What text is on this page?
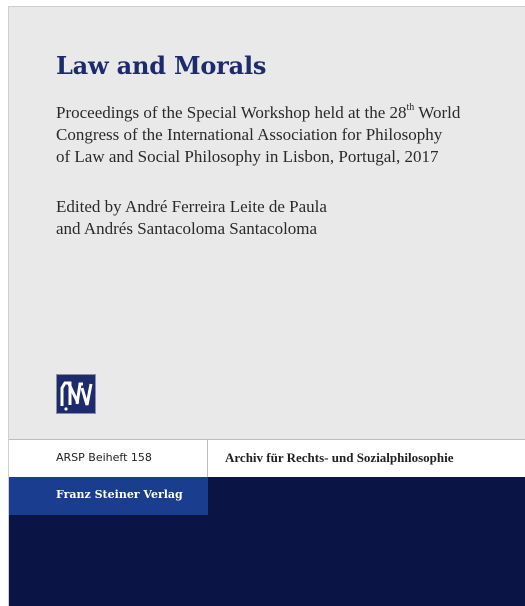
Law and Morals

Proceedings of the Special Workshop held at the 28th World
Congress of the International Association for Philosophy
of Law and Social Philosophy in Lisbon, Portugal, 2017

Edited by André Ferreira Leite de Paula
and Andrés Santacoloma Santacoloma

ARSP Beiheft 158	Archiv für Rechts- und Sozialphilosophie
Franz Steiner Verlag
